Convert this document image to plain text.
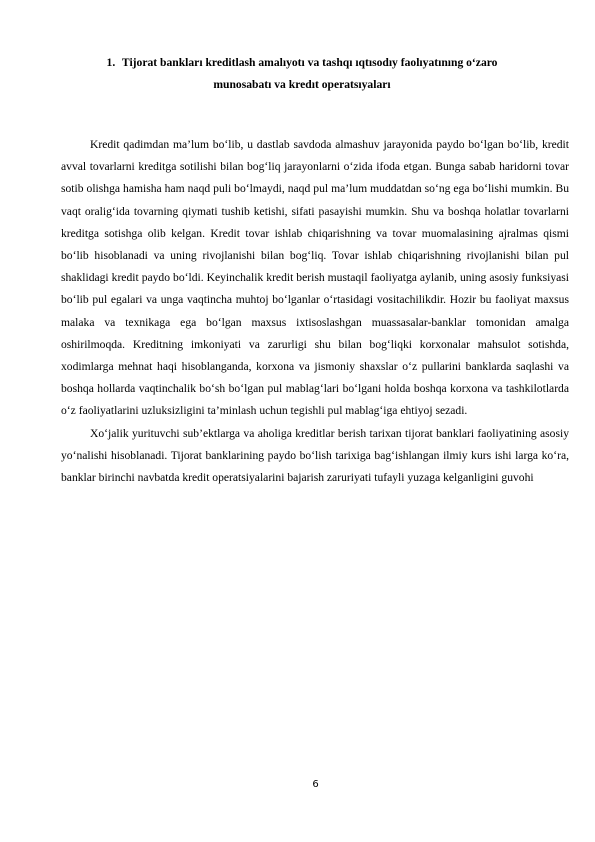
1. Tijorat bankları kreditlash amalıyotı va tashqı ıqtısodıy faolıyatınıng o‘zaro
munosabatı va kredıt operatsıyaları

Kredit qadimdan ma’lum bo‘lib, u dastlab savdoda almashuv jarayonida paydo bo‘lgan bo‘lib, kredit avval tovarlarni kreditga sotilishi bilan bog‘liq jarayonlarni o‘zida ifoda etgan. Bunga sabab haridorni tovar sotib olishga hamisha ham naqd puli bo‘lmaydi, naqd pul ma’lum muddatdan so‘ng ega bo‘lishi mumkin. Bu vaqt oralig‘ida tovarning qiymati tushib ketishi, sifati pasayishi mumkin. Shu va boshqa holatlar tovarlarni kreditga sotishga olib kelgan. Kredit tovar ishlab chiqarishning va tovar muomalasining ajralmas qismi bo‘lib hisoblanadi va uning rivojlanishi bilan bog‘liq. Tovar ishlab chiqarishning rivojlanishi bilan pul shaklidagi kredit paydo bo‘ldi. Keyinchalik kredit berish mustaqil faoliyatga aylanib, uning asosiy funksiyasi bo‘lib pul egalari va unga vaqtincha muhtoj bo‘lganlar o‘rtasidagi vositachilikdir. Hozir bu faoliyat maxsus malaka va texnikaga ega bo‘lgan maxsus ixtisoslashgan muassasalar-banklar tomonidan amalga oshirilmoqda. Kreditning imkoniyati va zarurligi shu bilan bog‘liqki korxonalar mahsulot sotishda, xodimlarga mehnat haqi hisoblanganda, korxona va jismoniy shaxslar o‘z pullarini banklarda saqlashi va boshqa hollarda vaqtinchalik bo‘sh bo‘lgan pul mablag‘lari bo‘lgani holda boshqa korxona va tashkilotlarda o‘z faoliyatlarini uzluksizligini ta’minlash uchun tegishli pul mablag‘iga ehtiyoj sezadi.

Xo‘jalik yurituvchi sub’ektlarga va aholiga kreditlar berish tarixan tijorat banklari faoliyatining asosiy yo‘nalishi hisoblanadi. Tijorat banklarining paydo bo‘lish tarixiga bag‘ishlangan ilmiy kurs ishi larga ko‘ra, banklar birinchi navbatda kredit operatsiyalarini bajarish zaruriyati tufayli yuzaga kelganligini guvohi

6
